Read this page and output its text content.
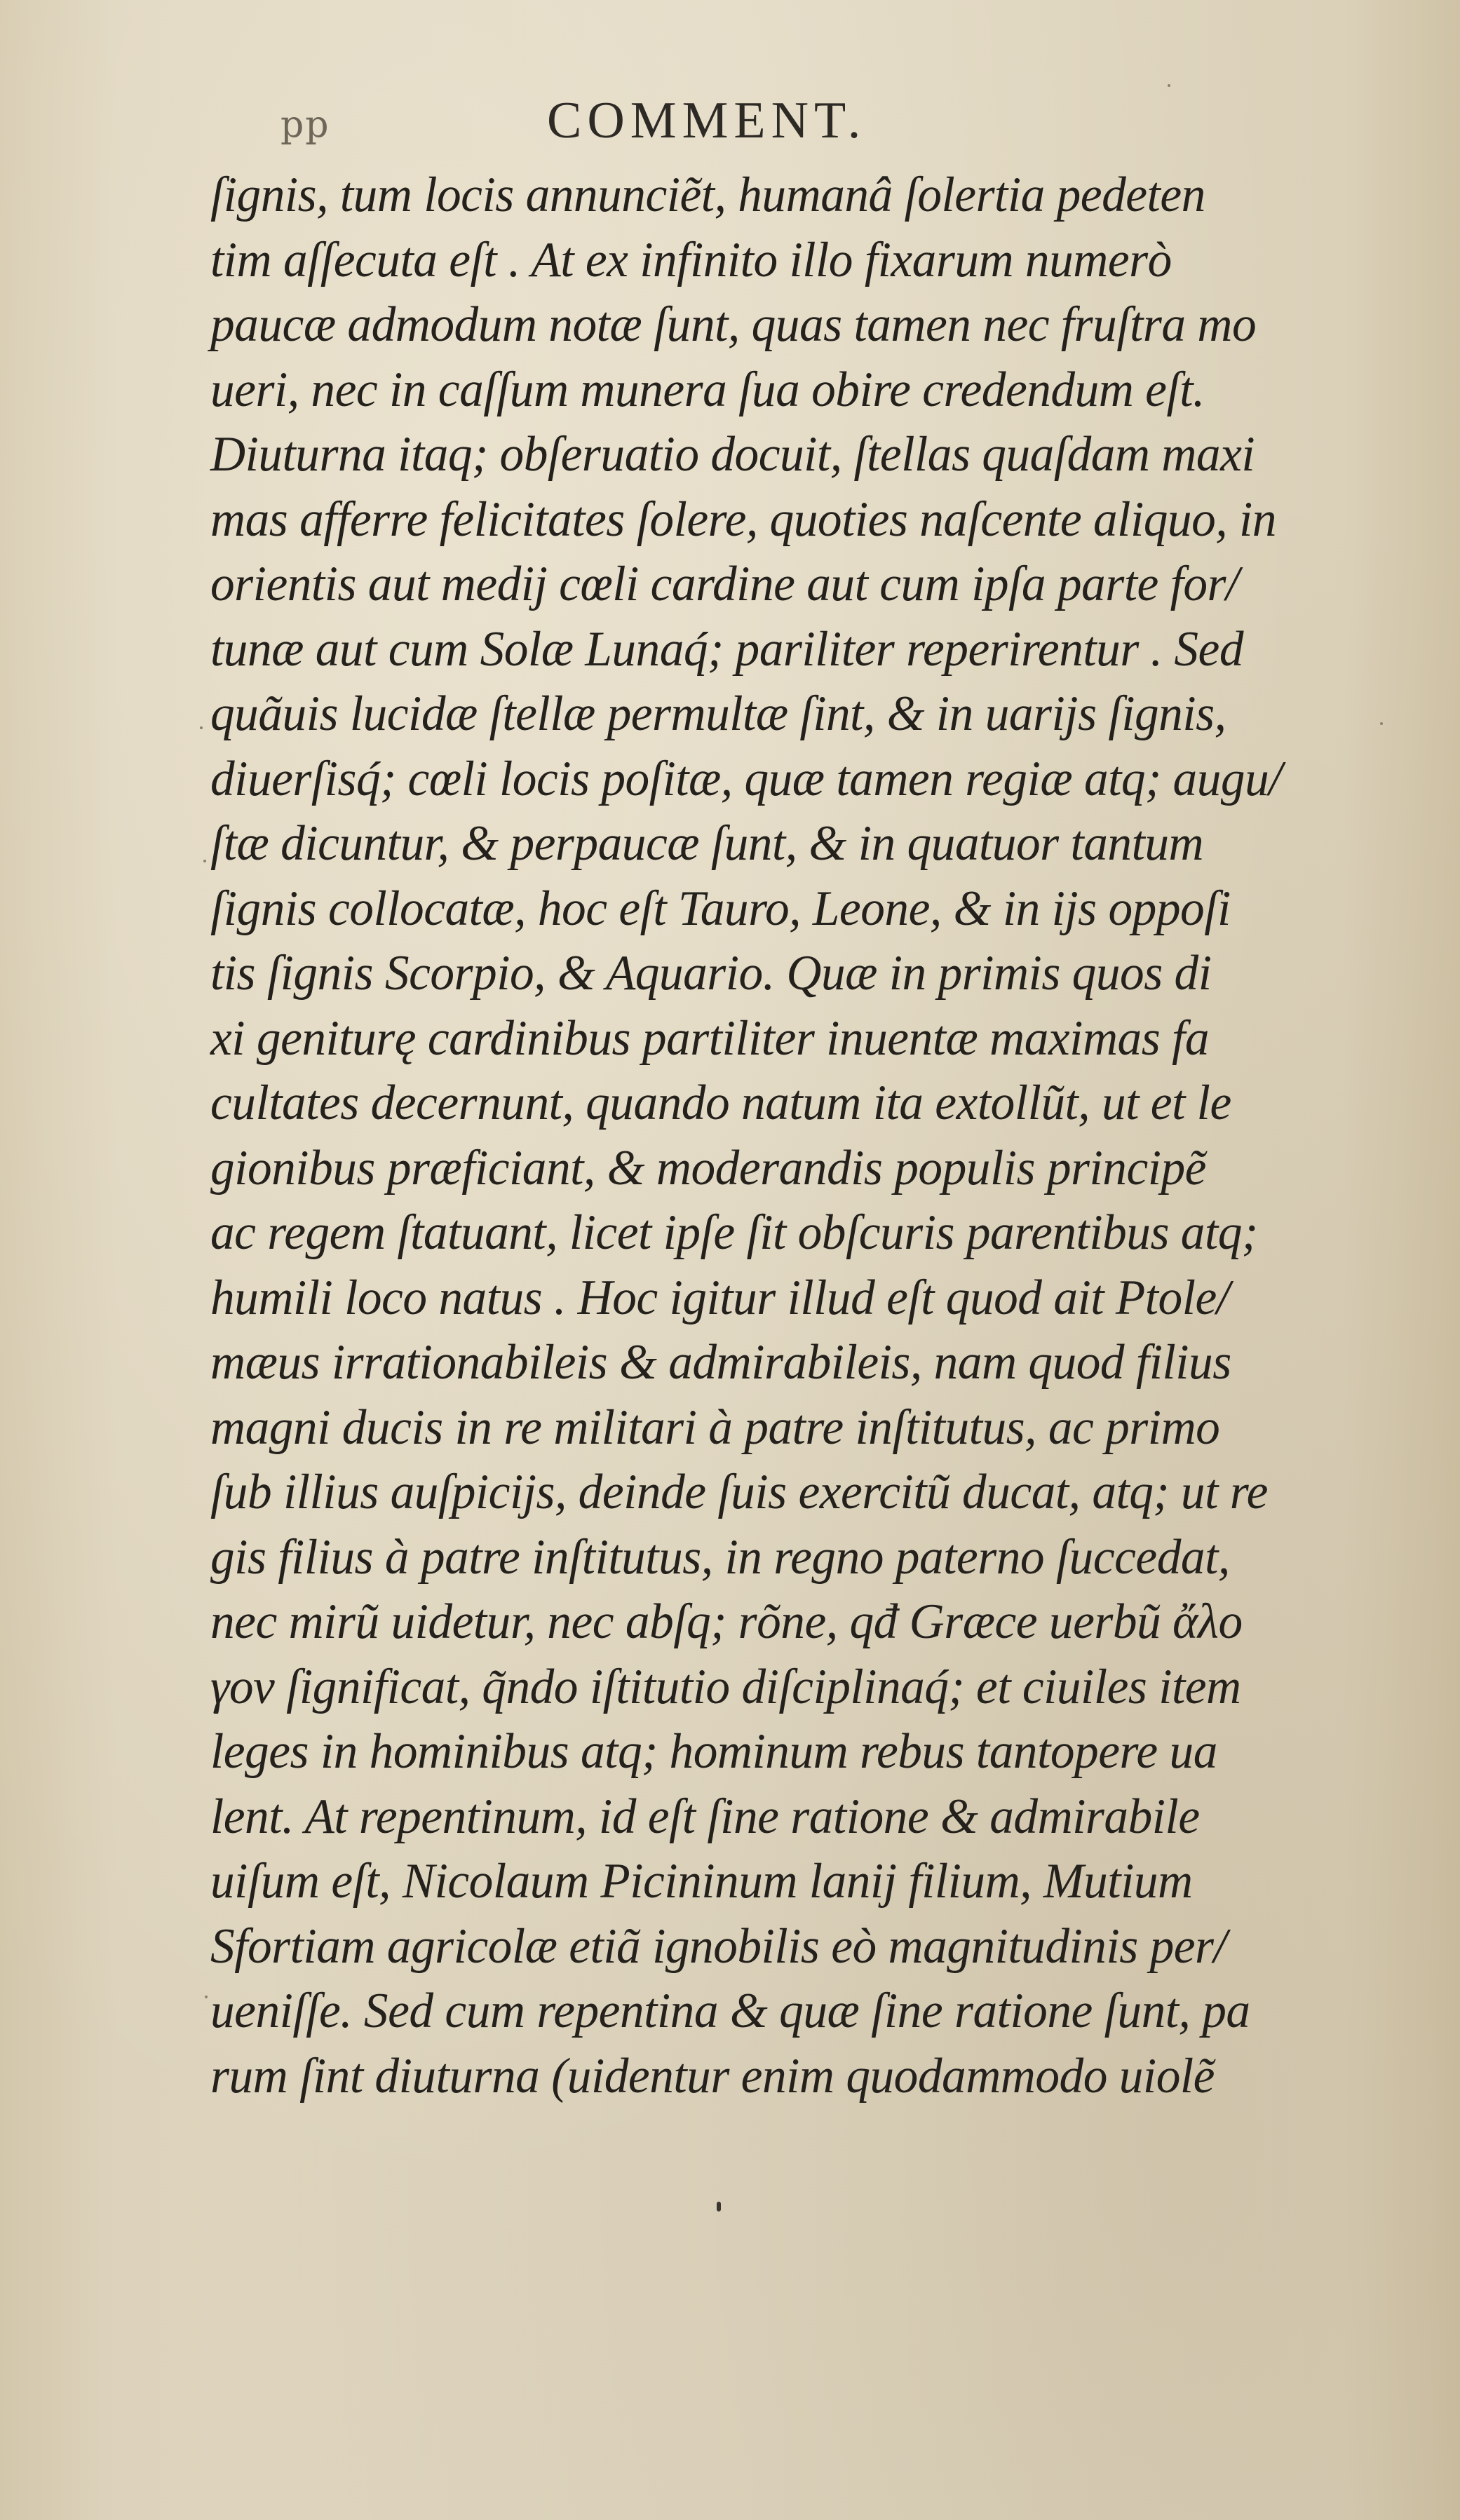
pp	COMMENT.
ſignis, tum locis annunciẽt, humanâ ſolertia pedeten
tim aſſecuta eſt . At ex infinito illo fixarum numerò
paucæ admodum notæ ſunt, quas tamen nec fruſtra mo
ueri, nec in caſſum munera ſua obire credendum eſt.
Diuturna itaq; obſeruatio docuit, ſtellas quaſdam maxi
mas afferre felicitates ſolere, quoties naſcente aliquo, in
orientis aut medij cœli cardine aut cum ipſa parte for/
tunæ aut cum Solæ Lunaq́; pariliter reperirentur . Sed
quãuis lucidæ ſtellæ permultæ ſint, & in uarijs ſignis,
diuerſisq́; cœli locis poſitæ, quæ tamen regiæ atq; augu/
ſtæ dicuntur, & perpaucæ ſunt, & in quatuor tantum
ſignis collocatæ, hoc eſt Tauro, Leone, & in ijs oppoſi
tis ſignis Scorpio, & Aquario. Quæ in primis quos di
xi geniturę cardinibus partiliter inuentæ maximas fa
cultates decernunt, quando natum ita extollũt, ut et le
gionibus præficiant, & moderandis populis principẽ
ac regem ſtatuant, licet ipſe ſit obſcuris parentibus atq;
humili loco natus . Hoc igitur illud eſt quod ait Ptole/
mæus irrationabileis & admirabileis, nam quod filius
magni ducis in re militari à patre inſtitutus, ac primo
ſub illius auſpicijs, deinde ſuis exercitũ ducat, atq; ut re
gis filius à patre inſtitutus, in regno paterno ſuccedat,
nec mirũ uidetur, nec abſq; rõne, qđ Græce uerbũ ἄλο
γον ſignificat, q̃ndo iſtitutio diſciplinaq́; et ciuiles item
leges in hominibus atq; hominum rebus tantopere ua
lent. At repentinum, id eſt ſine ratione & admirabile
uiſum eſt, Nicolaum Picininum lanij filium, Mutium
Sfortiam agricolæ etiã ignobilis eò magnitudinis per/
ueniſſe. Sed cum repentina & quæ ſine ratione ſunt, pa
rum ſint diuturna (uidentur enim quodammodo uiolẽ
